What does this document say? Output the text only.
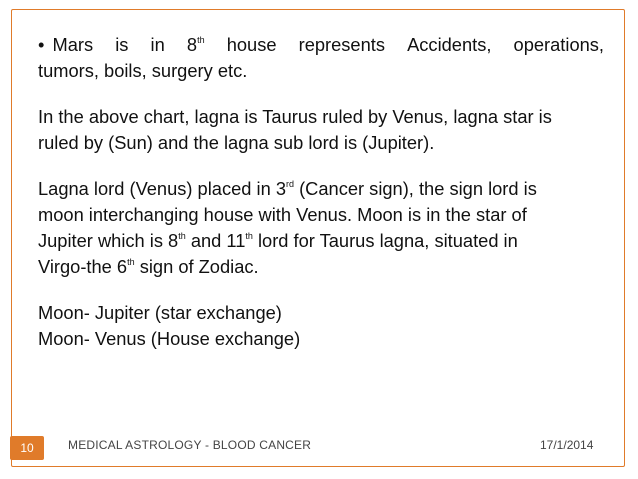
• Mars is in 8th house represents Accidents, operations,
tumors, boils, surgery etc.
In the above chart, lagna is Taurus ruled by Venus, lagna star is
ruled by (Sun) and the lagna sub lord is (Jupiter).
Lagna lord (Venus) placed in 3rd (Cancer sign), the sign lord is
moon interchanging house with Venus. Moon is in the star of
Jupiter which is 8th and 11th lord for Taurus lagna, situated in
Virgo-the 6th sign of Zodiac.
Moon- Jupiter (star exchange)
Moon- Venus (House exchange)
10	MEDICAL ASTROLOGY - BLOOD CANCER	17/1/2014
